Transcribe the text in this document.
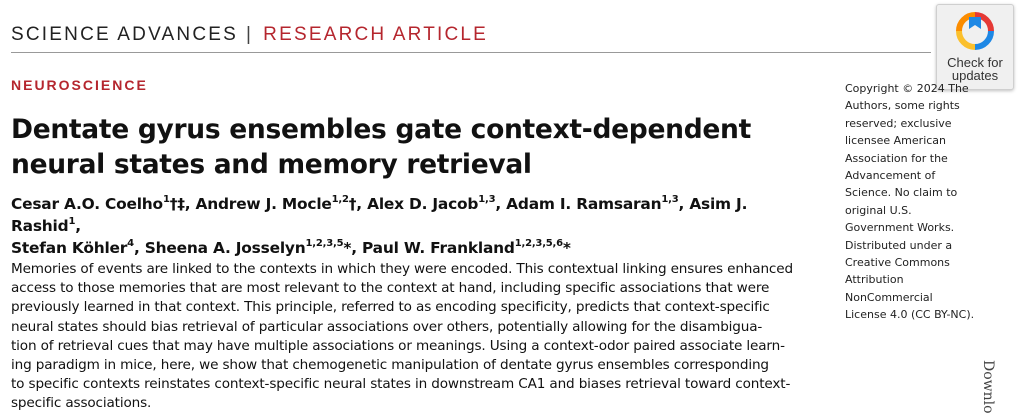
SCIENCE ADVANCES | RESEARCH ARTICLE
Check for
updates
NEUROSCIENCE
Dentate gyrus ensembles gate context-dependent
neural states and memory retrieval
Cesar A.O. Coelho$^1$†‡, Andrew J. Mocle$^{1,2}$†, Alex D. Jacob$^{1,3}$, Adam I. Ramsaran$^{1,3}$, Asim J. Rashid$^1$,
Stefan Köhler$^4$, Sheena A. Josselyn$^{1,2,3,5}$*, Paul W. Frankland$^{1,2,3,5,6}$*
Memories of events are linked to the contexts in which they were encoded. This contextual linking ensures enhanced
access to those memories that are most relevant to the context at hand, including specific associations that were
previously learned in that context. This principle, referred to as encoding specificity, predicts that context-specific
neural states should bias retrieval of particular associations over others, potentially allowing for the disambigua-
tion of retrieval cues that may have multiple associations or meanings. Using a context-odor paired associate learn-
ing paradigm in mice, here, we show that chemogenetic manipulation of dentate gyrus ensembles corresponding
to specific contexts reinstates context-specific neural states in downstream CA1 and biases retrieval toward context-
specific associations.
Copyright © 2024 The
Authors, some rights
reserved; exclusive
licensee American
Association for the
Advancement of
Science. No claim to
original U.S.
Government Works.
Distributed under a
Creative Commons
Attribution
NonCommercial
License 4.0 (CC BY-NC).
Downlo
